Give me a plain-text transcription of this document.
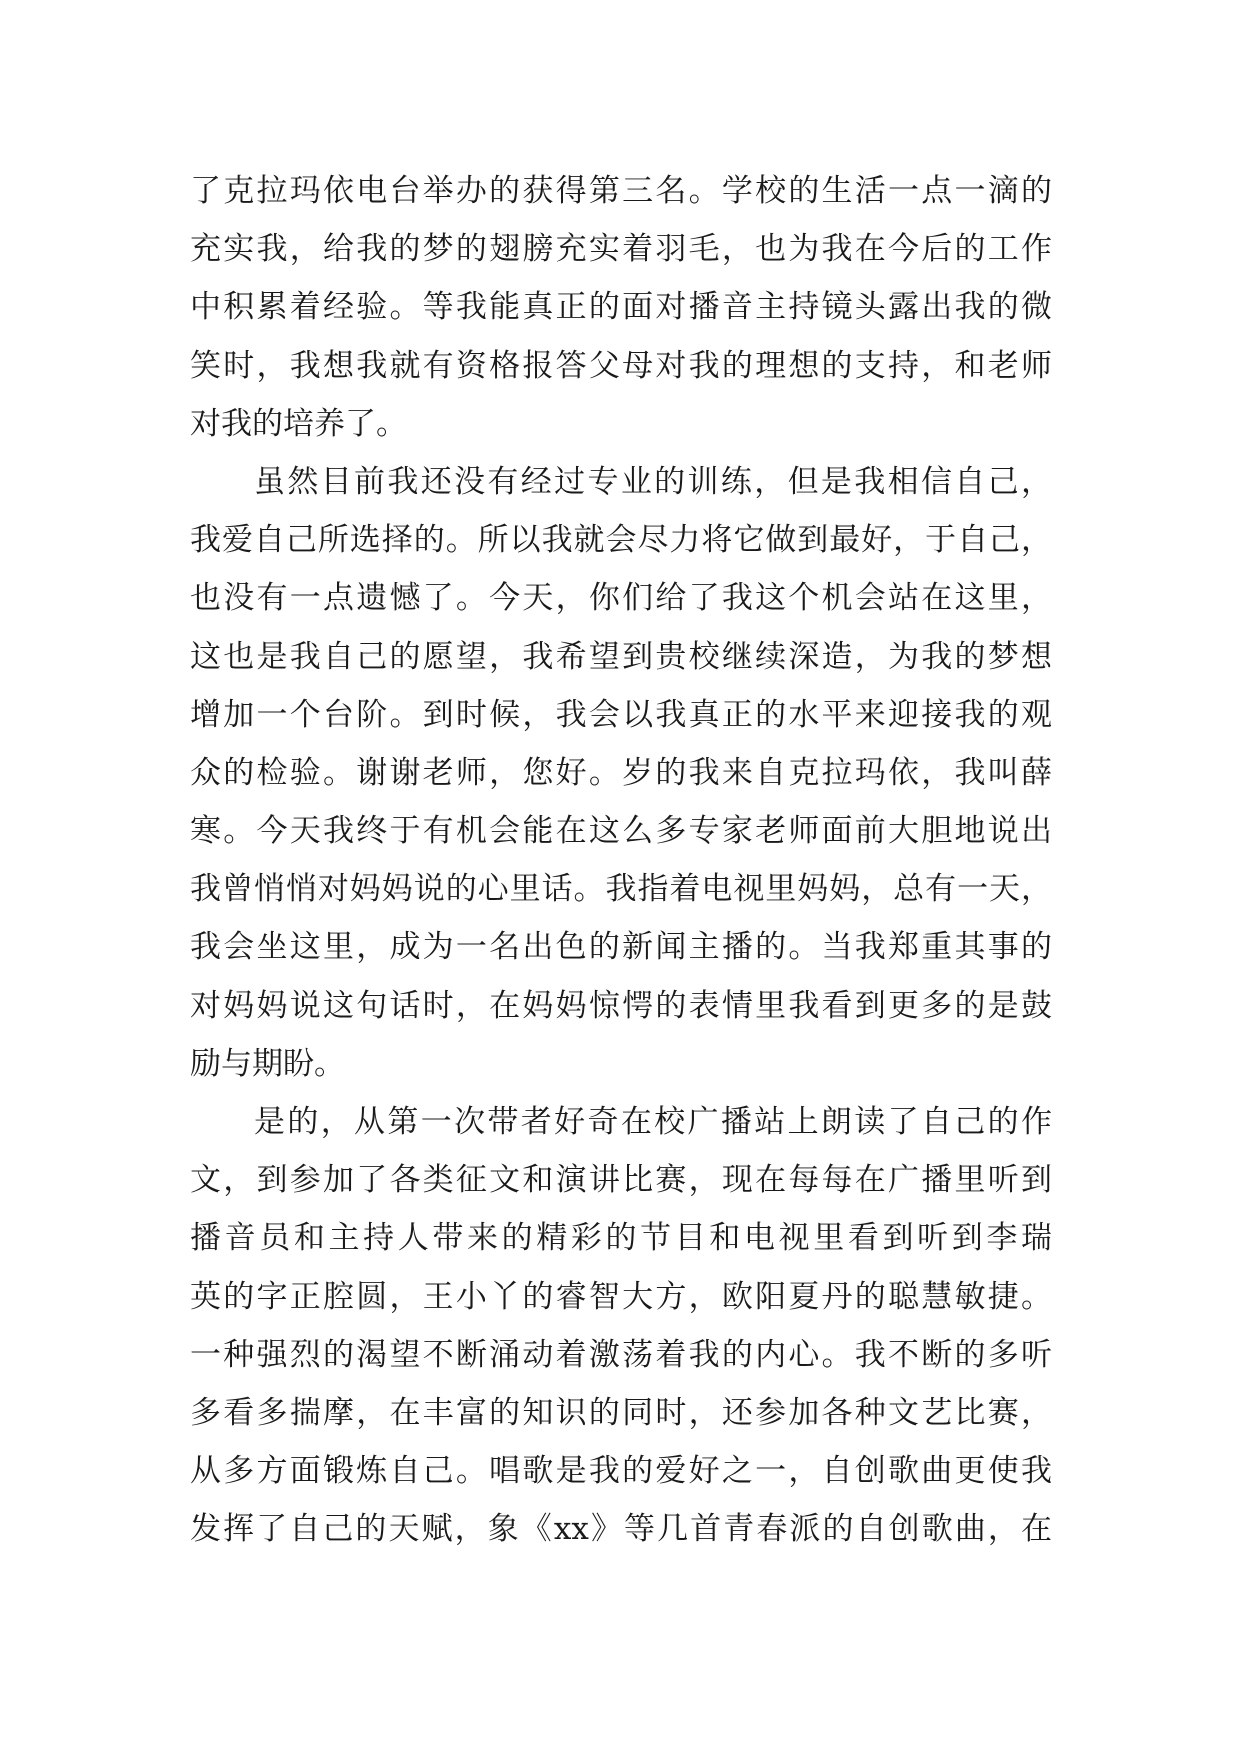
了克拉玛依电台举办的获得第三名。学校的生活一点一滴的
充实我，给我的梦的翅膀充实着羽毛，也为我在今后的工作
中积累着经验。等我能真正的面对播音主持镜头露出我的微
笑时，我想我就有资格报答父母对我的理想的支持，和老师
对我的培养了。
虽然目前我还没有经过专业的训练，但是我相信自己，
我爱自己所选择的。所以我就会尽力将它做到最好，于自己，
也没有一点遗憾了。今天，你们给了我这个机会站在这里，
这也是我自己的愿望，我希望到贵校继续深造，为我的梦想
增加一个台阶。到时候，我会以我真正的水平来迎接我的观
众的检验。谢谢老师，您好。岁的我来自克拉玛依，我叫薛
寒。今天我终于有机会能在这么多专家老师面前大胆地说出
我曾悄悄对妈妈说的心里话。我指着电视里妈妈，总有一天，
我会坐这里，成为一名出色的新闻主播的。当我郑重其事的
对妈妈说这句话时，在妈妈惊愕的表情里我看到更多的是鼓
励与期盼。
是的，从第一次带者好奇在校广播站上朗读了自己的作
文，到参加了各类征文和演讲比赛，现在每每在广播里听到
播音员和主持人带来的精彩的节目和电视里看到听到李瑞
英的字正腔圆，王小丫的睿智大方，欧阳夏丹的聪慧敏捷。
一种强烈的渴望不断涌动着激荡着我的内心。我不断的多听
多看多揣摩，在丰富的知识的同时，还参加各种文艺比赛，
从多方面锻炼自己。唱歌是我的爱好之一，自创歌曲更使我
发挥了自己的天赋，象《xx》等几首青春派的自创歌曲，在
